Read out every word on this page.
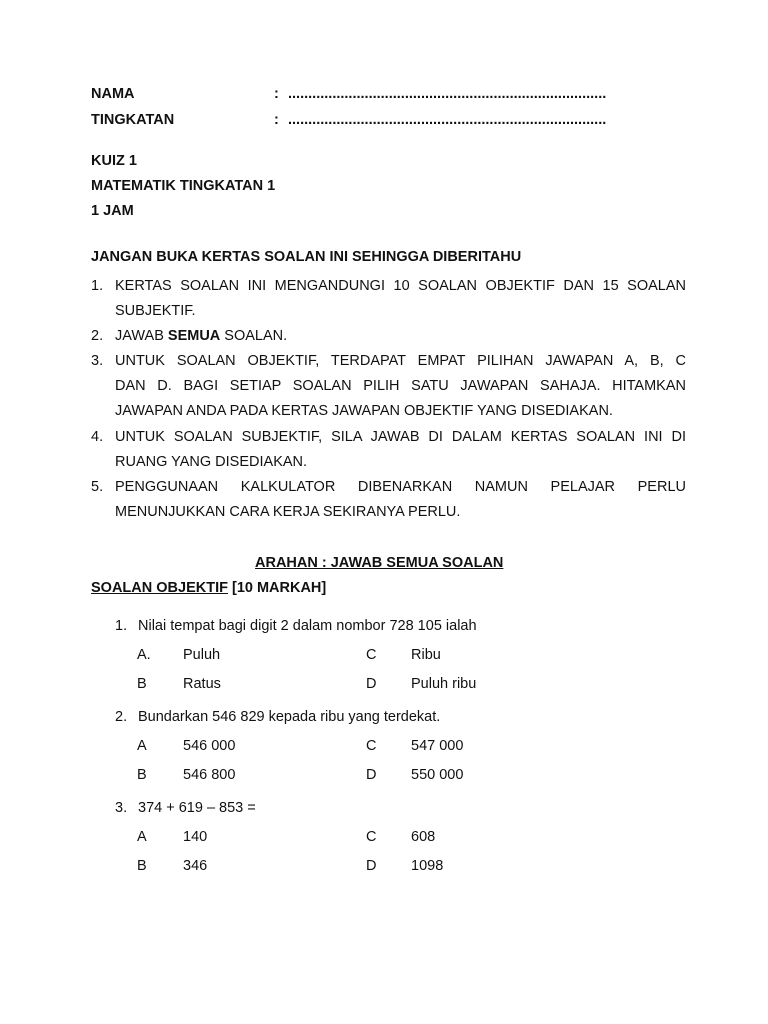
NAMA	: ...............................................................................
TINGKATAN	: ...............................................................................
KUIZ 1
MATEMATIK TINGKATAN 1
1 JAM
JANGAN BUKA KERTAS SOALAN INI SEHINGGA DIBERITAHU
1. KERTAS SOALAN INI MENGANDUNGI 10 SOALAN OBJEKTIF DAN 15 SOALAN
SUBJEKTIF.
2. JAWAB SEMUA SOALAN.
3. UNTUK SOALAN OBJEKTIF, TERDAPAT EMPAT PILIHAN JAWAPAN A, B, C
DAN D. BAGI SETIAP SOALAN PILIH SATU JAWAPAN SAHAJA. HITAMKAN
JAWAPAN ANDA PADA KERTAS JAWAPAN OBJEKTIF YANG DISEDIAKAN.
4. UNTUK SOALAN SUBJEKTIF, SILA JAWAB DI DALAM KERTAS SOALAN INI DI
RUANG YANG DISEDIAKAN.
5. PENGGUNAAN KALKULATOR DIBENARKAN NAMUN PELAJAR PERLU
MENUNJUKKAN CARA KERJA SEKIRANYA PERLU.
ARAHAN : JAWAB SEMUA SOALAN
SOALAN OBJEKTIF [10 MARKAH]
1. Nilai tempat bagi digit 2 dalam nombor 728 105 ialah
A. Puluh	C Ribu
B	Ratus	D Puluh ribu
2. Bundarkan 546 829 kepada ribu yang terdekat.
A	546 000	C 547 000
B	546 800	D 550 000
3. 374 + 619 – 853 =
A	140	C 608
B	346	D 1098
